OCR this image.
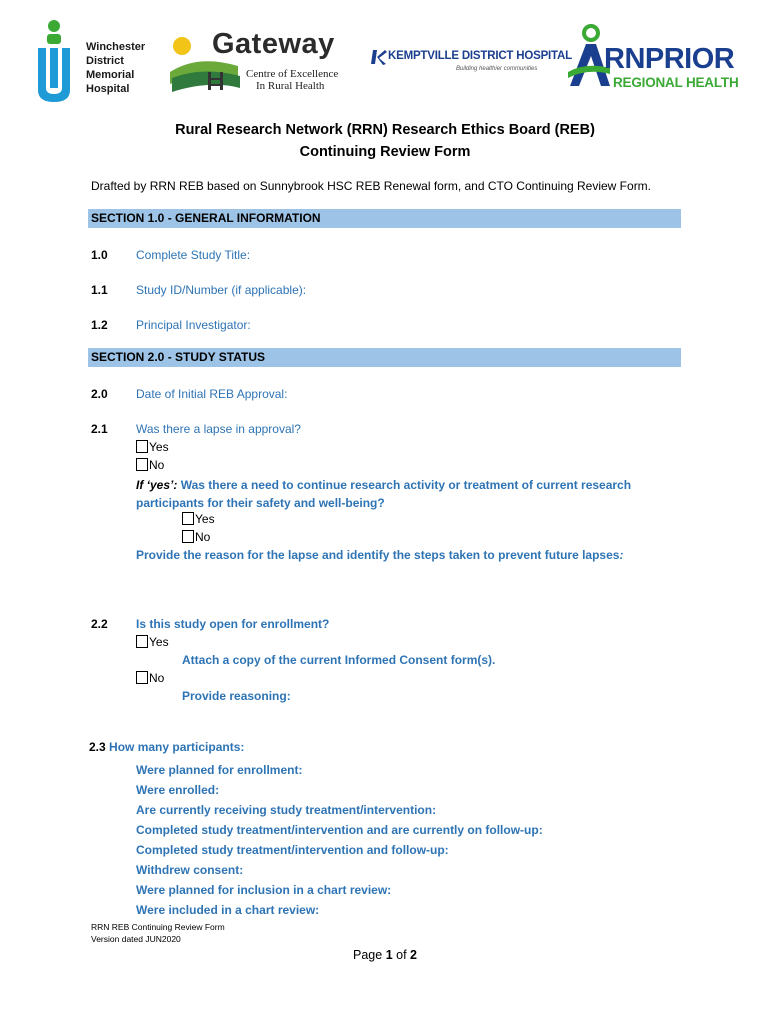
Winchester
District
Memorial
Hospital
Gateway
Centre of Excellence
In Rural Health
KEMPTVILLE DISTRICT HOSPITAL
Building healthier communities RNPRIOR
REGIONAL HEALTH
Rural Research Network (RRN) Research Ethics Board (REB)
Continuing Review Form
Drafted by RRN REB based on Sunnybrook HSC REB Renewal form, and CTO Continuing Review Form.
SECTION 1.0 - GENERAL INFORMATION
1.0 Complete Study Title:
1.1 Study ID/Number (if applicable):
1.2 Principal Investigator:
SECTION 2.0 - STUDY STATUS
2.0 Date of Initial REB Approval:
2.1 Was there a lapse in approval?
Yes
No
If ‘yes’: Was there a need to continue research activity or treatment of current research
participants for their safety and well-being?
Yes
No
Provide the reason for the lapse and identify the steps taken to prevent future lapses:
2.2 Is this study open for enrollment?
Yes
Attach a copy of the current Informed Consent form(s).
No
Provide reasoning:
2.3 How many participants:
Were planned for enrollment:
Were enrolled:
Are currently receiving study treatment/intervention:
Completed study treatment/intervention and are currently on follow-up:
Completed study treatment/intervention and follow-up:
Withdrew consent:
Were planned for inclusion in a chart review:
Were included in a chart review:
RRN REB Continuing Review Form
Version dated JUN2020
Page 1 of 2
